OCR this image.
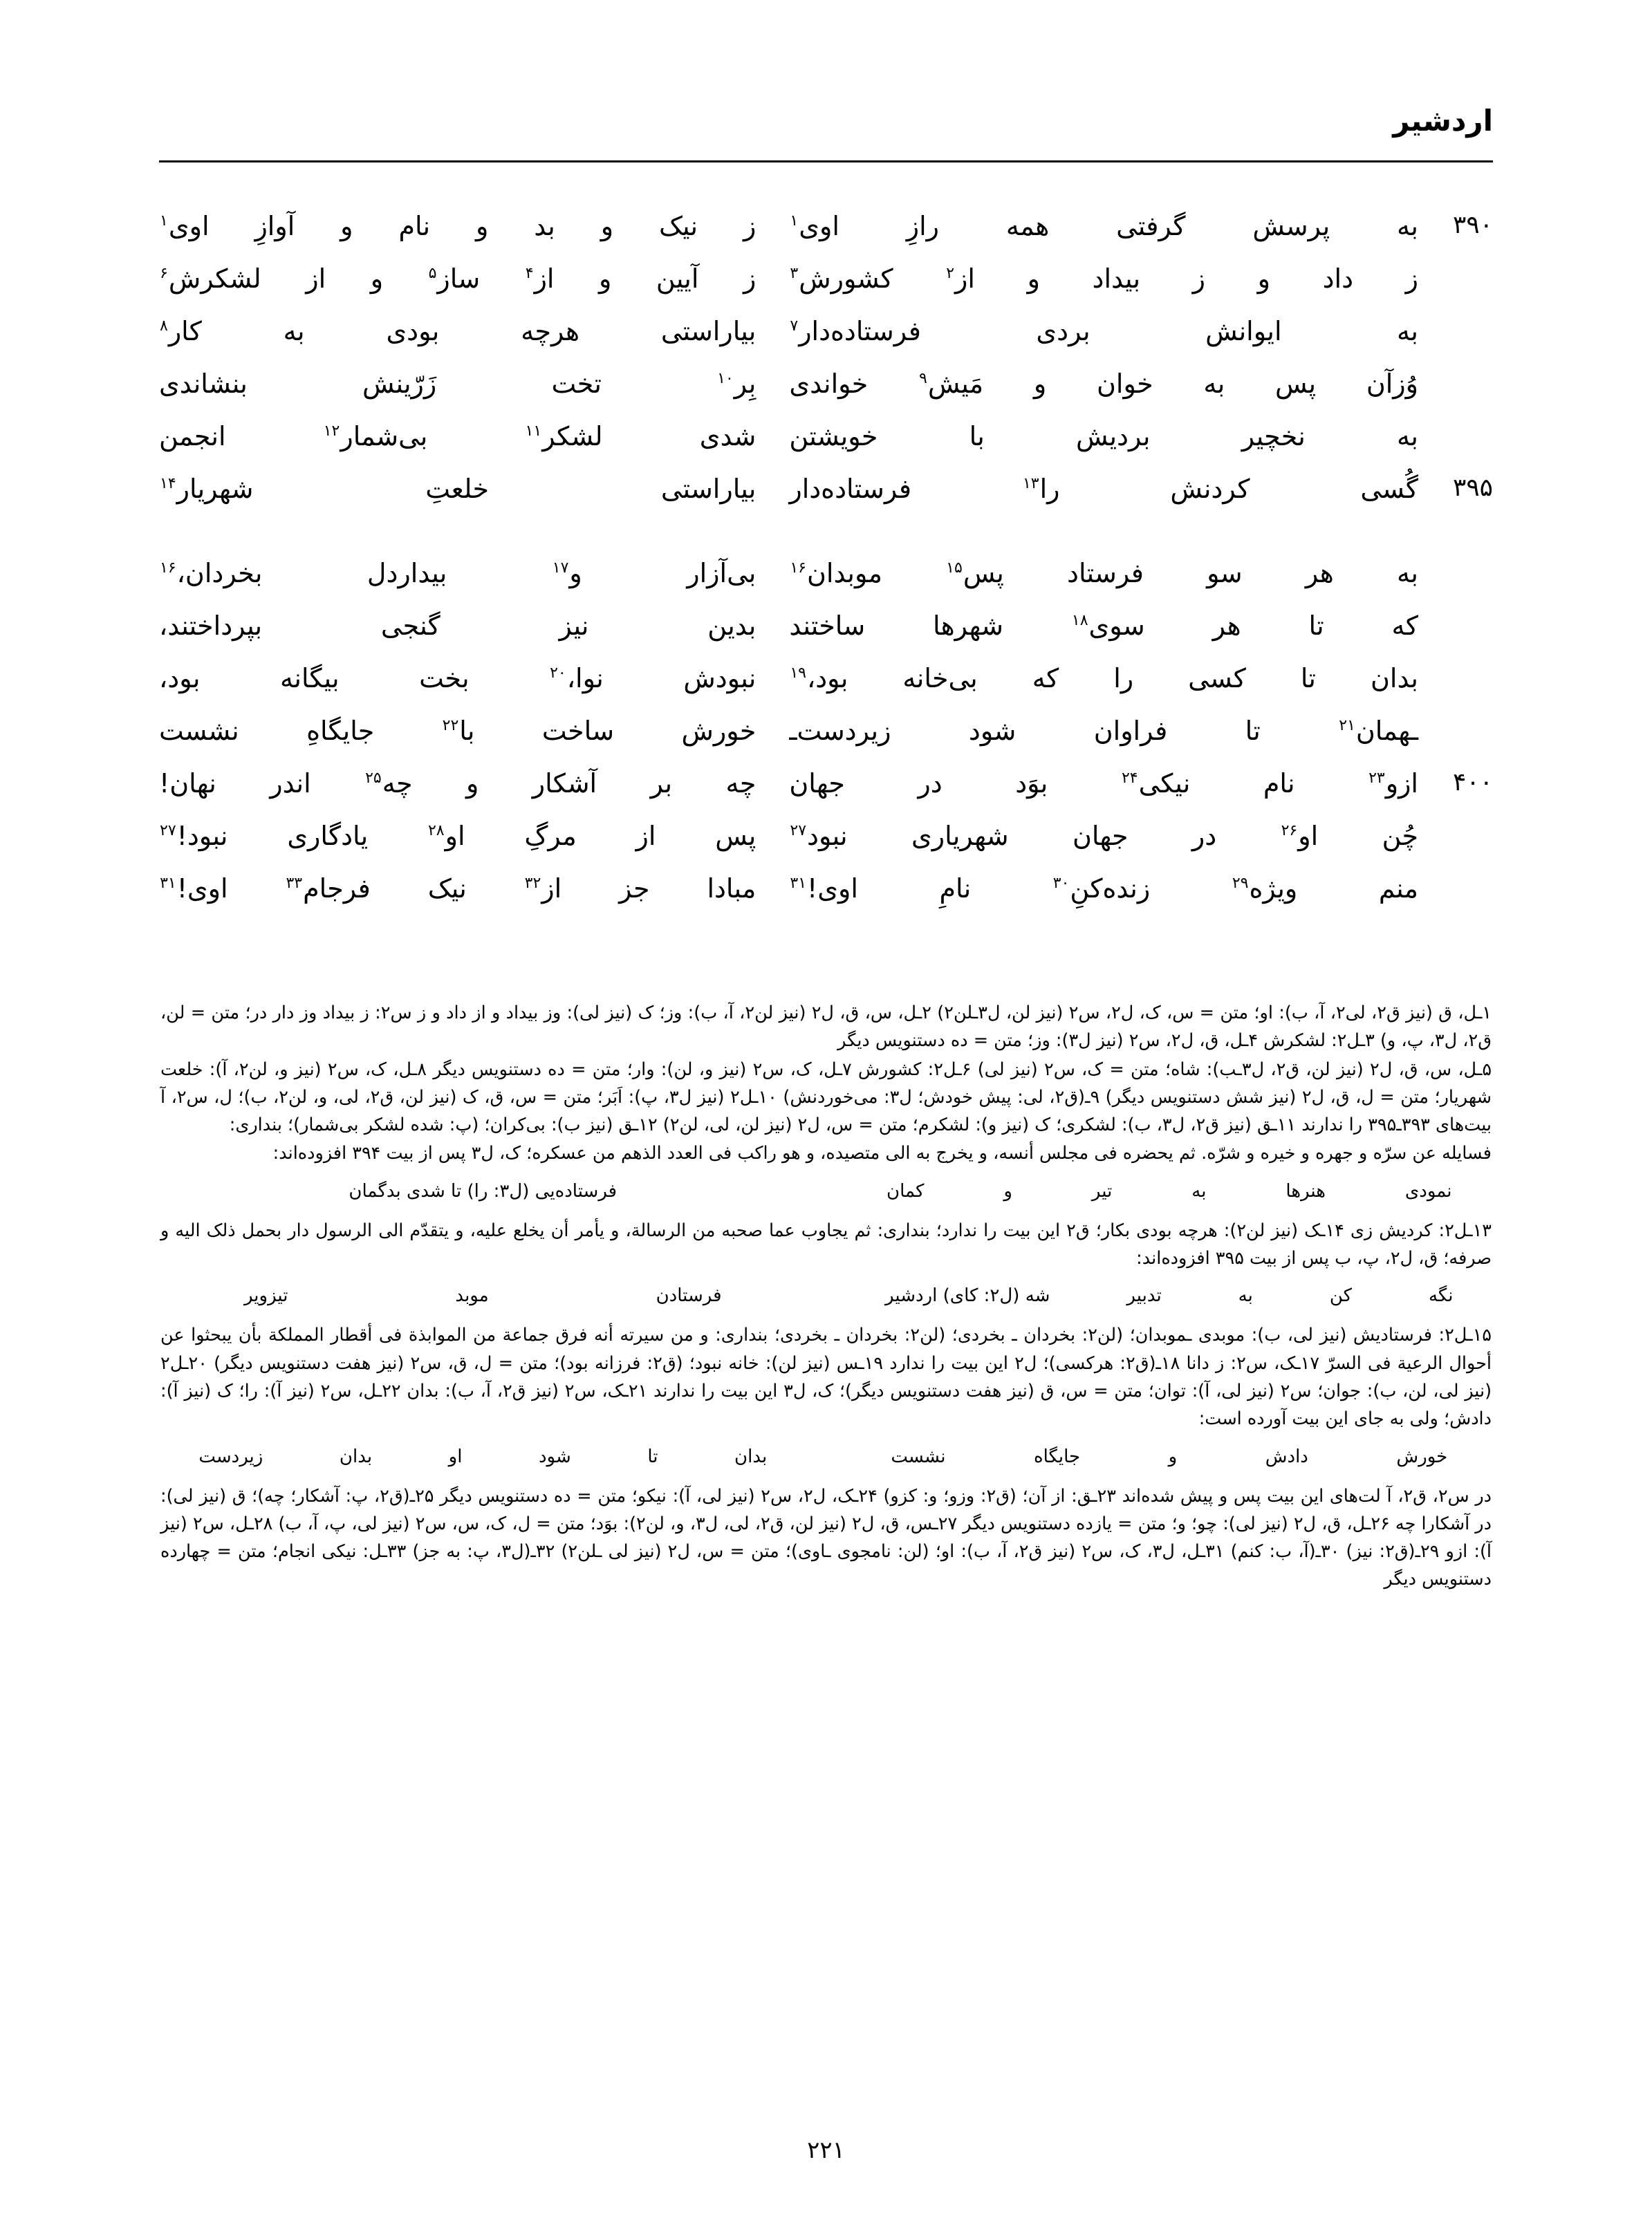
اردشیر
۳۹۰
به
پرسش
گرفتی
همه
رازِ
اوی$^۱$
ز
نیک
و
بد
و
نام
و
آوازِ
اوی$^۱$
ز
داد
و
ز
بیداد
و
از$^۲$
کشورش$^۳$
ز
آیین
و
از$^۴$
ساز$^۵$
و
از
لشکرش$^۶$
به
ایوانش
بردی
فرستاده‌دار$^۷$
بیاراستی
هرچه
بودی
به
کار$^۸$
وُزآن
پس
به
خوان
و
مَیش$^۹$
خواندی
بِر$^{۱۰}$
تخت
زَرّینش
بنشاندی
به
نخچیر
بردیش
با
خویشتن
شدی
لشکر$^{۱۱}$
بی‌شمار$^{۱۲}$
انجمن
۳۹۵
گُسی
کردنش
را$^{۱۳}$
فرستاده‌دار
بیاراستی
خلعتِ
شهریار$^{۱۴}$
به
هر
سو
فرستاد
پس$^{۱۵}$
موبدان$^{۱۶}$
بی‌آزار
و$^{۱۷}$
بیداردل
بخردان،$^{۱۶}$
که
تا
هر
سوی$^{۱۸}$
شهرها
ساختند
بدین
نیز
گنجی
بپرداختند،
بدان
تا
کسی
را
که
بی‌خانه
بود،$^{۱۹}$
نبودش
نوا،$^{۲۰}$
بخت
بیگانه
بود،
ـهمان$^{۲۱}$
تا
فراوان
شود
زیردست‌ـ
خورش
ساخت
با$^{۲۲}$
جایگاهِ
نشست
۴۰۰
ازو$^{۲۳}$
نام
نیکی$^{۲۴}$
بوَد
در
جهان
چه
بر
آشکار
و
چه$^{۲۵}$
اندر
نهان!
چُن
او$^{۲۶}$
در
جهان
شهریاری
نبود$^{۲۷}$
پس
از
مرگِ
او$^{۲۸}$
یادگاری
نبود!$^{۲۷}$
منم
ویژه$^{۲۹}$
زنده‌کنِ$^{۳۰}$
نامِ
اوی!$^{۳۱}$
مبادا
جز
از$^{۳۲}$
نیک
فرجام$^{۳۳}$
اوی!$^{۳۱}$
۱ـل، ق (نیز ق۲، لی۲، آ، ب): او؛ متن = س، ک، ل۲، س۲ (نیز لن، ل۳ـلن۲) ۲ـل، س، ق، ل۲ (نیز لن۲، آ، ب): وز؛ ک (نیز لی): وز بیداد و از داد و ز س۲: ز بیداد وز دار در؛ متن = لن، ق۲، ل۳، پ، و) ۳ـل۲: لشکرش ۴ـل، ق، ل۲، س۲ (نیز ل۳): وز؛ متن = ده دستنویس دیگر
۵ـل، س، ق، ل۲ (نیز لن، ق۲، ل۳ـب): شاه؛ متن = ک، س۲ (نیز لی) ۶ـل۲: کشورش ۷ـل، ک، س۲ (نیز و، لن): وار؛ متن = ده دستنویس دیگر ۸ـل، ک، س۲ (نیز و، لن۲، آ): خلعت شهریار؛ متن = ل، ق، ل۲ (نیز شش دستنویس دیگر) ۹ـ(ق۲، لی: پیش خودش؛ ل۳: می‌خوردنش) ۱۰ـل۲ (نیز ل۳، پ): اَبَر؛ متن = س، ق، ک (نیز لن، ق۲، لی، و، لن۲، ب)؛ ل، س۲، آ بیت‌های ۳۹۳ـ۳۹۵ را ندارند ۱۱ـق (نیز ق۲، ل۳، ب): لشکری؛ ک (نیز و): لشکرم؛ متن = س، ل۲ (نیز لن، لی، لن۲) ۱۲ـق (نیز ب): بی‌کران؛ (پ: شده لشکر بی‌شمار)؛ بنداری:
فسایله عن سرّه و جهره و خیره و شرّه. ثم یحضره فی مجلس أنسه، و یخرج به الی متصیده، و هو راکب فی العدد الذهم من عسکره؛ ک، ل۳ پس از بیت ۳۹۴ افزوده‌اند:
نمودی
هنرها
به
تیر
و
کمان
فرستاده‌یی (ل۳: را) تا شدی بدگمان
۱۳ـل۲: کردیش زی ۱۴ـک (نیز لن۲): هرچه بودی بکار؛ ق۲ این بیت را ندارد؛ بنداری: ثم یجاوب عما صحبه من الرسالة، و یأمر أن یخلع علیه، و یتقدّم الی الرسول دار بحمل ذلک الیه و صرفه؛ ق، ل۲، پ، ب پس از بیت ۳۹۵ افزوده‌اند:
نگه
کن
به
تدبیر
شه (ل۲: کای) اردشیر
فرستادن
موبد
تیزویر
۱۵ـل۲: فرستادیش (نیز لی، ب): موبدی ـموبدان؛ (لن۲: بخردان ـ بخردی؛ (لن۲: بخردان ـ بخردی؛ بنداری: و من سیرته أنه فرق جماعة من الموابذة فی أقطار المملکة بأن یبحثوا عن أحوال الرعیة فی السرّ ۱۷ـک، س۲: ز دانا ۱۸ـ(ق۲: هرکسی)؛ ل۲ این بیت را ندارد ۱۹ـس (نیز لن): خانه نبود؛ (ق۲: فرزانه بود)؛ متن = ل، ق، س۲ (نیز هفت دستنویس دیگر) ۲۰ـل۲ (نیز لی، لن، ب): جوان؛ س۲ (نیز لی، آ): توان؛ متن = س، ق (نیز هفت دستنویس دیگر)؛ ک، ل۳ این بیت را ندارند ۲۱ـک، س۲ (نیز ق۲، آ، ب): بدان ۲۲ـل، س۲ (نیز آ): را؛ ک (نیز آ): دادش؛ ولی به جای این بیت آورده است:
خورش
دادش
و
جایگاه
نشست
بدان
تا
شود
او
بدان
زیردست
در س۲، ق۲، آ لت‌های این بیت پس و پیش شده‌اند ۲۳ـق: از آن؛ (ق۲: وزو؛ و: کزو) ۲۴ـک، ل۲، س۲ (نیز لی، آ): نیکو؛ متن = ده دستنویس دیگر ۲۵ـ(ق۲، پ: آشکار؛ چه)؛ ق (نیز لی): در آشکارا چه ۲۶ـل، ق، ل۲ (نیز لی): چو؛ و؛ متن = یازده دستنویس دیگر ۲۷ـس، ق، ل۲ (نیز لن، ق۲، لی، ل۳، و، لن۲): بوَد؛ متن = ل، ک، س، س۲ (نیز لی، پ، آ، ب) ۲۸ـل، س۲ (نیز آ): ازو ۲۹ـ(ق۲: نیز) ۳۰ـ(آ، ب: کنم) ۳۱ـل، ل۳، ک، س۲ (نیز ق۲، آ، ب): او؛ (لن: نامجوی ـاوی)؛ متن = س، ل۲ (نیز لی ـلن۲) ۳۲ـ(ل۳، پ: به جز) ۳۳ـل: نیکی انجام؛ متن = چهارده دستنویس دیگر
۲۲۱
